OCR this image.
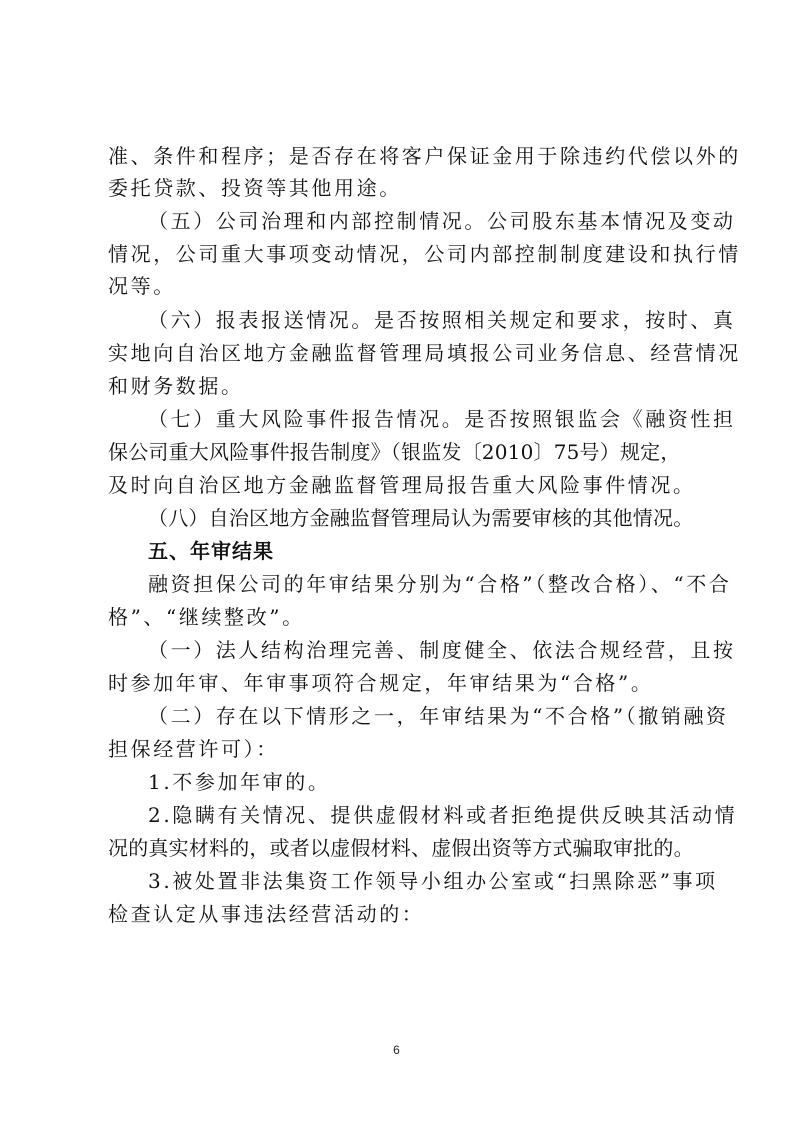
准、条件和程序；是否存在将客户保证金用于除违约代偿以外的
委托贷款、投资等其他用途。
（五）公司治理和内部控制情况。公司股东基本情况及变动
情况，公司重大事项变动情况，公司内部控制制度建设和执行情
况等。
（六）报表报送情况。是否按照相关规定和要求，按时、真
实地向自治区地方金融监督管理局填报公司业务信息、经营情况
和财务数据。
（七）重大风险事件报告情况。是否按照银监会《融资性担
保公司重大风险事件报告制度》（银监发〔2010〕75号）规定，
及时向自治区地方金融监督管理局报告重大风险事件情况。
（八）自治区地方金融监督管理局认为需要审核的其他情况。
五、年审结果
融资担保公司的年审结果分别为“合格”（整改合格）、“不合
格”、“继续整改”。
（一）法人结构治理完善、制度健全、依法合规经营，且按
时参加年审、年审事项符合规定，年审结果为“合格”。
（二）存在以下情形之一，年审结果为“不合格”（撤销融资
担保经营许可）：
1.不参加年审的。
2.隐瞒有关情况、提供虚假材料或者拒绝提供反映其活动情
况的真实材料的，或者以虚假材料、虚假出资等方式骗取审批的。
3.被处置非法集资工作领导小组办公室或“扫黑除恶”事项
检查认定从事违法经营活动的：
6
